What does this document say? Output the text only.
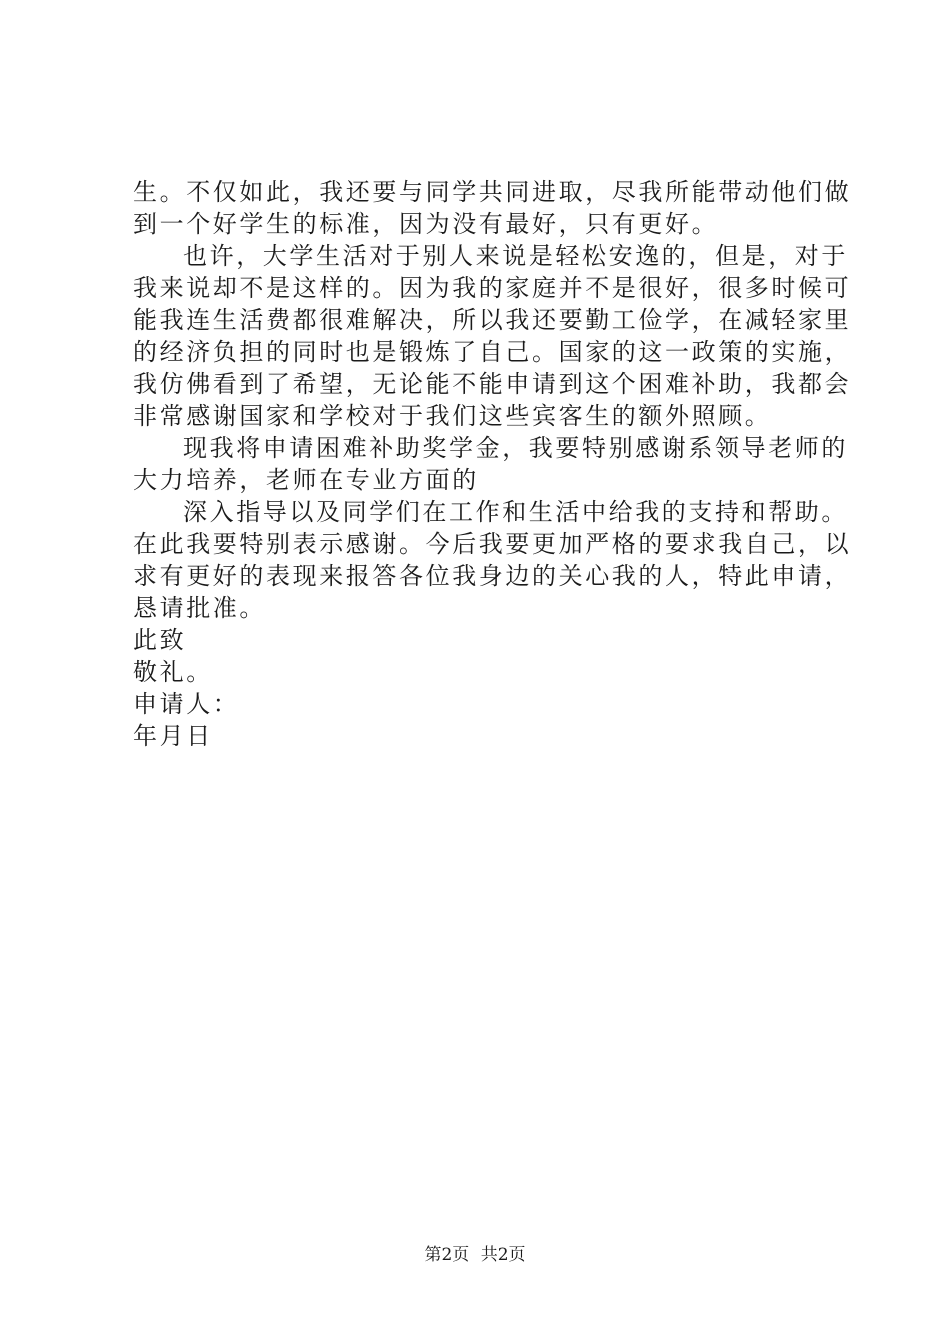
生。不仅如此，我还要与同学共同进取，尽我所能带动他们做
到一个好学生的标准，因为没有最好，只有更好。

也许，大学生活对于别人来说是轻松安逸的，但是，对于
我来说却不是这样的。因为我的家庭并不是很好，很多时候可
能我连生活费都很难解决，所以我还要勤工俭学，在减轻家里
的经济负担的同时也是锻炼了自己。国家的这一政策的实施，
我仿佛看到了希望，无论能不能申请到这个困难补助，我都会
非常感谢国家和学校对于我们这些宾客生的额外照顾。

现我将申请困难补助奖学金，我要特别感谢系领导老师的
大力培养，老师在专业方面的

深入指导以及同学们在工作和生活中给我的支持和帮助。
在此我要特别表示感谢。今后我要更加严格的要求我自己，以
求有更好的表现来报答各位我身边的关心我的人，特此申请，
恳请批准。

此致

敬礼。

申请人：

年月日

第2页 共2页
